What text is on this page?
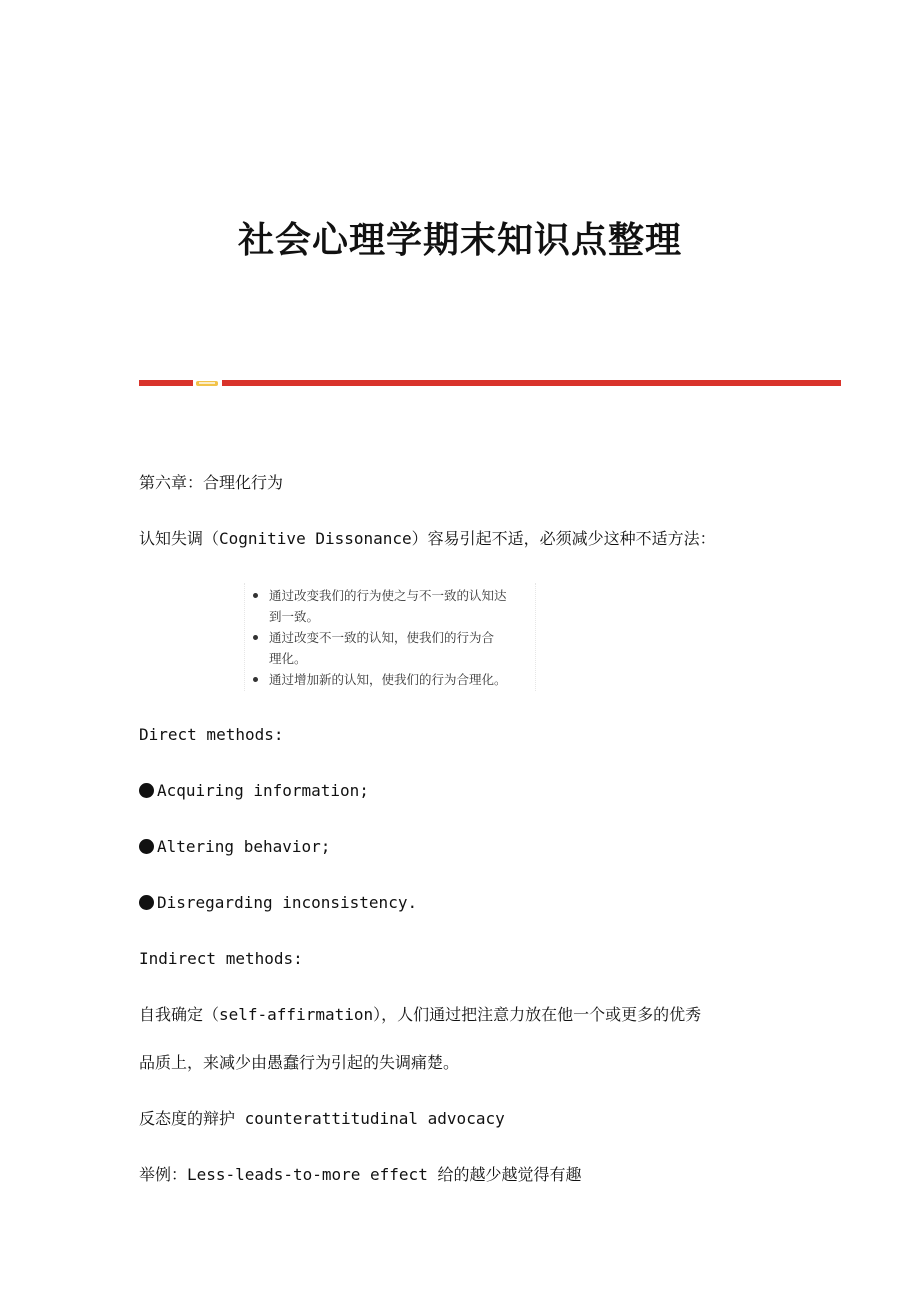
社会心理学期末知识点整理
第六章：合理化行为
认知失调（Cognitive Dissonance）容易引起不适，必须减少这种不适方法：
通过改变我们的行为使之与不一致的认知达
到一致。
通过改变不一致的认知，使我们的行为合
理化。
通过增加新的认知，使我们的行为合理化。
Direct methods:
Acquiring information;
Altering behavior;
Disregarding inconsistency.
Indirect methods:
自我确定（self-affirmation），人们通过把注意力放在他一个或更多的优秀
品质上，来减少由愚蠢行为引起的失调痛楚。
反态度的辩护 counterattitudinal advocacy
举例：Less-leads-to-more effect 给的越少越觉得有趣
